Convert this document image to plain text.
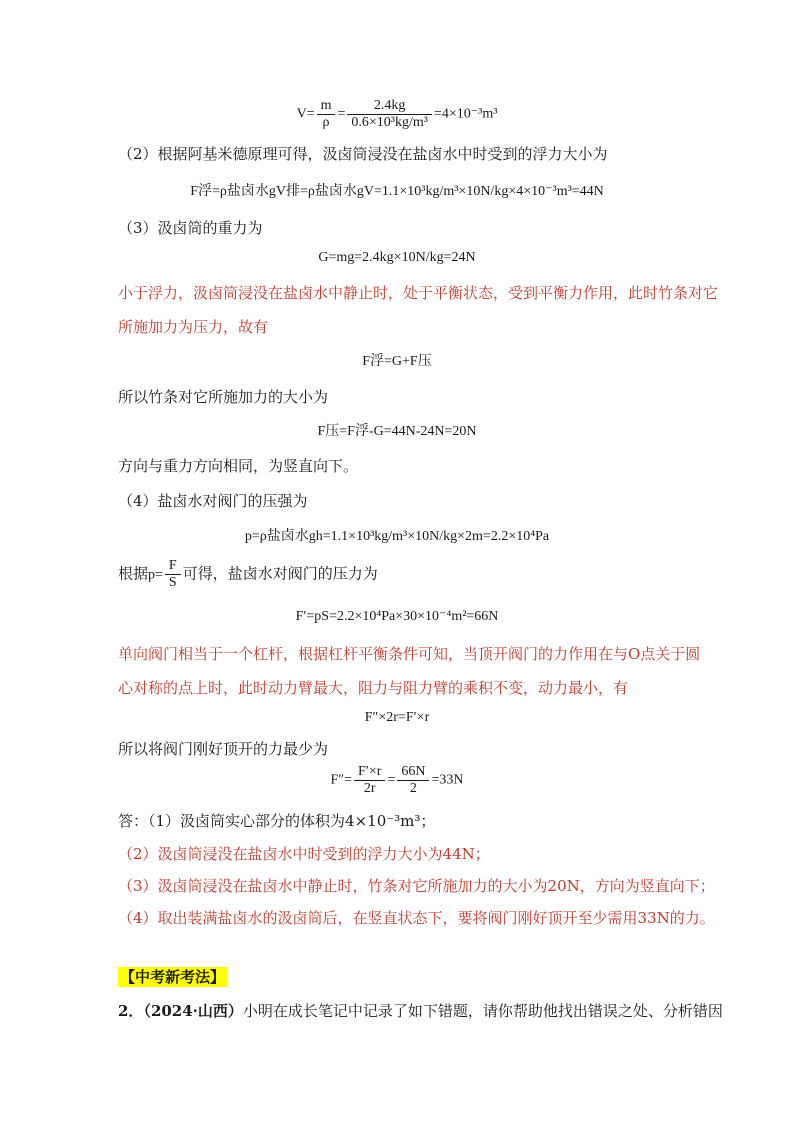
$V= \frac{m}{\rho} = \frac{2.4kg}{\text{0.6×10³kg/m³}} =4\times 10^{-3}m^3$
（2）根据阿基米德原理可得，汲卤筒浸没在盐卤水中时受到的浮力大小为
F浮=ρ盐卤水gV排=ρ盐卤水gV=1.1×10³kg/m³×10N/kg×4×10⁻³m³=44N
（3）汲卤筒的重力为
G=mg=2.4kg×10N/kg=24N
小于浮力，汲卤筒浸没在盐卤水中静止时，处于平衡状态，受到平衡力作用，此时竹条对它
所施加力为压力，故有
F浮=G+F压
所以竹条对它所施加力的大小为
F压=F浮-G=44N-24N=20N
方向与重力方向相同，为竖直向下。
（4）盐卤水对阀门的压强为
p=ρ盐卤水gh=1.1×10³kg/m³×10N/kg×2m=2.2×10⁴Pa
根据$p= \frac{F}{S}$ 可得，盐卤水对阀门的压力为
F′=pS=2.2×10⁴Pa×30×10⁻⁴m²=66N
单向阀门相当于一个杠杆，根据杠杆平衡条件可知，当顶开阀门的力作用在与O点关于圆
心对称的点上时，此时动力臂最大，阻力与阻力臂的乘积不变，动力最小，有
F″×2r=F′×r
所以将阀门刚好顶开的力最少为
$F''= \frac{F'\times r}{2r} = \frac{66N}{2} =33N$
答：（1）汲卤筒实心部分的体积为4×10⁻³m³；
（2）汲卤筒浸没在盐卤水中时受到的浮力大小为44N；
（3）汲卤筒浸没在盐卤水中静止时，竹条对它所施加力的大小为20N，方向为竖直向下；
（4）取出装满盐卤水的汲卤筒后，在竖直状态下，要将阀门刚好顶开至少需用33N的力。
【中考新考法】
2．（2024·山西）小明在成长笔记中记录了如下错题，请你帮助他找出错误之处、分析错因
